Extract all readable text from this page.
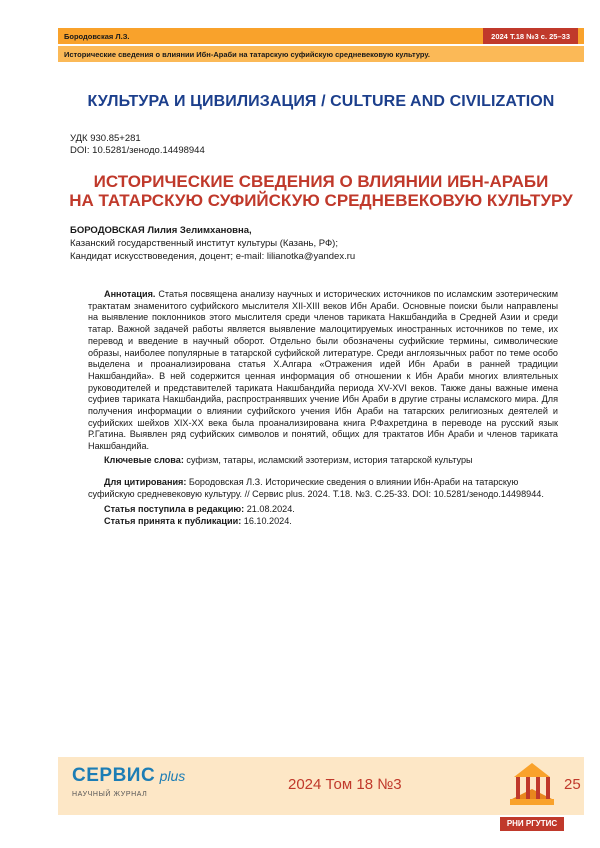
Бородовская Л.З.	2024 Т.18 №3 с. 25–33
Исторические сведения о влиянии Ибн-Араби на татарскую суфийскую средневековую культуру.
КУЛЬТУРА И ЦИВИЛИЗАЦИЯ / CULTURE AND CIVILIZATION
УДК 930.85+281
DOI: 10.5281/зенодо.14498944
ИСТОРИЧЕСКИЕ СВЕДЕНИЯ О ВЛИЯНИИ ИБН-АРАБИ
НА ТАТАРСКУЮ СУФИЙСКУЮ СРЕДНЕВЕКОВУЮ КУЛЬТУРУ
БОРОДОВСКАЯ Лилия Зелимхановна,
Казанский государственный институт культуры (Казань, РФ);
Кандидат искусствоведения, доцент; e-mail: lilianotka@yandex.ru
Аннотация. Статья посвящена анализу научных и исторических источников по исламским эзотерическим трактатам знаменитого суфийского мыслителя XII-XIII веков Ибн Араби. Основные поиски были направлены на выявление поклонников этого мыслителя среди членов тариката Накшбандийа в Средней Азии и среди татар. Важной задачей работы является выявление малоцитируемых иностранных источников по теме, их перевод и введение в научный оборот. Отдельно были обозначены суфийские термины, символические образы, наиболее популярные в татарской суфийской литературе. Среди англоязычных работ по теме особо выделена и проанализирована статья Х.Алгара «Отражения идей Ибн Араби в ранней традиции Накшбандийа». В ней содержится ценная информация об отношении к Ибн Араби многих влиятельных руководителей и представителей тариката Накшбандийа периода XV-XVI веков. Также даны важные имена суфиев тариката Накшбандийа, распространявших учение Ибн Араби в другие страны исламского мира. Для получения информации о влиянии суфийского учения Ибн Араби на татарских религиозных деятелей и суфийских шейхов XIX-XX века была проанализирована книга Р.Фахретдина в переводе на русский язык Р.Гатина. Выявлен ряд суфийских символов и понятий, общих для трактатов Ибн Араби и членов тариката Накшбандийа.
Ключевые слова: суфизм, татары, исламский эзотеризм, история татарской культуры
Для цитирования: Бородовская Л.З. Исторические сведения о влиянии Ибн-Араби на татарскую суфийскую средневековую культуру. // Сервис plus. 2024. Т.18. №3. С.25-33. DOI: 10.5281/зенодо.14498944.
Статья поступила в редакцию: 21.08.2024.
Статья принята к публикации: 16.10.2024.
СЕРВИС plus
НАУЧНЫЙ ЖУРНАЛ
2024 Том 18 №3	25
РНИ РГУТИС
